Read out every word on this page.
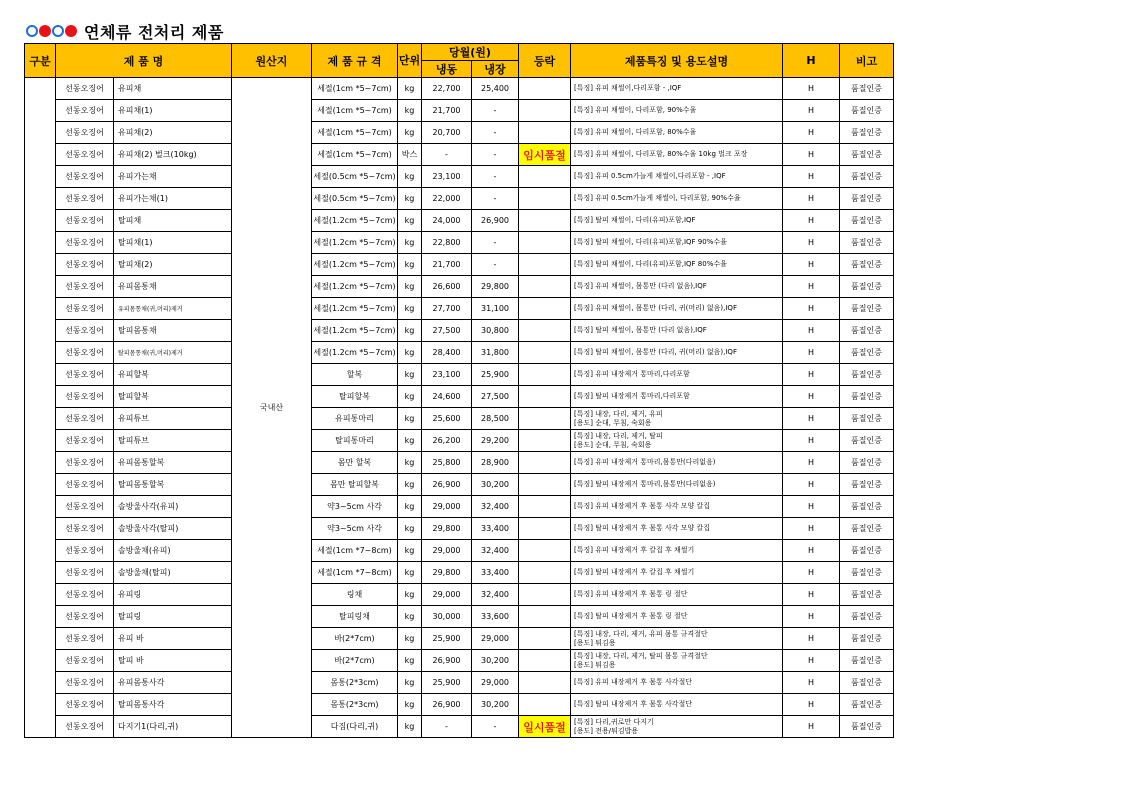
연체류 전처리 제품
구분	제 품 명		원산지	제 품 규 격	단위	당월(원)		등락	제품특징 및 용도설명	H	비고
						냉동	냉장				
	선동오징어	유피채	국내산	세절(1cm *5~7cm)	kg	22,700	25,400		[특징] 유피 채썰이,다리포함 - ,IQF	H	품질인증
	선동오징어	유피채(1)		세절(1cm *5~7cm)	kg	21,700	-		[특징] 유피 채썰이, 다리포함, 90%수율	H	품질인증
	선동오징어	유피채(2)		세절(1cm *5~7cm)	kg	20,700	-		[특징] 유피 채썰이, 다리포함, 80%수율	H	품질인증
	선동오징어	유피채(2) 벌크(10kg)		세절(1cm *5~7cm)	박스	-	-	임시품절	[특징] 유피 채썰이, 다리포함, 80%수율 10kg 벌크 포장	H	품질인증
	선동오징어	유피가는채		세절(0.5cm *5~7cm)	kg	23,100	-		[특징] 유피 0.5cm가늘게 채썰이,다리포함 - ,IQF	H	품질인증
	선동오징어	유피가는채(1)		세절(0.5cm *5~7cm)	kg	22,000	-		[특징] 유피 0.5cm가늘게 채썰이, 다리포함, 90%수율	H	품질인증
	선동오징어	탈피채		세절(1.2cm *5~7cm)	kg	24,000	26,900		[특징] 탈피 채썰이, 다리(유피)포함,IQF	H	품질인증
	선동오징어	탈피채(1)		세절(1.2cm *5~7cm)	kg	22,800	-		[특징] 탈피 채썰이, 다리(유피)포함,IQF 90%수율	H	품질인증
	선동오징어	탈피채(2)		세절(1.2cm *5~7cm)	kg	21,700	-		[특징] 탈피 채썰이, 다리(유피)포함,IQF 80%수율	H	품질인증
	선동오징어	유피몸통채		세절(1.2cm *5~7cm)	kg	26,600	29,800		[특징] 유피 채썰이, 몸통만 (다리 없음),IQF	H	품질인증
	선동오징어	유피몸통채(귀,머리)제거		세절(1.2cm *5~7cm)	kg	27,700	31,100		[특징] 유피 채썰이, 몸통만 (다리, 귀(머리) 없음),IQF	H	품질인증
	선동오징어	탈피몸통채		세절(1.2cm *5~7cm)	kg	27,500	30,800		[특징] 탈피 채썰이, 몸통만 (다리 없음),IQF	H	품질인증
	선동오징어	탈피몸통채(귀,머리)제거		세절(1.2cm *5~7cm)	kg	28,400	31,800		[특징] 탈피 채썰이, 몸통만 (다리, 귀(머리) 없음),IQF	H	품질인증
	선동오징어	유피할복		할복	kg	23,100	25,900		[특징] 유피 내장제거 통마리,다리포함	H	품질인증
	선동오징어	탈피할복		탈피할복	kg	24,600	27,500		[특징] 탈피 내장제거 통마리,다리포함	H	품질인증
	선동오징어	유피튜브		유피통마리	kg	25,600	28,500		[특징] 내장, 다리, 제거, 유피
[용도] 순대, 무침, 숙회용	H	품질인증
	선동오징어	탈피튜브		탈피통마리	kg	26,200	29,200		[특징] 내장, 다리, 제거, 탈피
[용도] 순대, 무침, 숙회용	H	품질인증
	선동오징어	유피몸통할복		몸만 할복	kg	25,800	28,900		[특징] 유피 내장제거 통마리,몸통만(다리없음)	H	품질인증
	선동오징어	탈피몸통할복		몸만 탈피할복	kg	26,900	30,200		[특징] 탈피 내장제거 통마리,몸통만(다리없음)	H	품질인증
	선동오징어	솔방울사각(유피)		약3~5cm 사각	kg	29,000	32,400		[특징] 유피 내장제거 후 몸통 사각 모양 칼집	H	품질인증
	선동오징어	솔방울사각(탈피)		약3~5cm 사각	kg	29,800	33,400		[특징] 탈피 내장제거 후 몸통 사각 모양 칼집	H	품질인증
	선동오징어	솔방울채(유피)		세절(1cm *7~8cm)	kg	29,000	32,400		[특징] 유피 내장제거 후 칼집 후 채썰기	H	품질인증
	선동오징어	솔방울채(탈피)		세절(1cm *7~8cm)	kg	29,800	33,400		[특징] 탈피 내장제거 후 칼집 후 채썰기	H	품질인증
	선동오징어	유피링		링채	kg	29,000	32,400		[특징] 유피 내장제거 후 몸통 링 절단	H	품질인증
	선동오징어	탈피링		탈피링채	kg	30,000	33,600		[특징] 탈피 내장제거 후 몸통 링 절단	H	품질인증
	선동오징어	유피 바		바(2*7cm)	kg	25,900	29,000		[특징] 내장, 다리, 제거, 유피 몸통 규격절단
[용도] 튀김용	H	품질인증
	선동오징어	탈피 바		바(2*7cm)	kg	26,900	30,200		[특징] 내장, 다리, 제거, 탈피 몸통 규격절단
[용도] 튀김용	H	품질인증
	선동오징어	유피몸통사각		몸통(2*3cm)	kg	25,900	29,000		[특징] 유피 내장제거 후 몸통 사각절단	H	품질인증
	선동오징어	탈피몸통사각		몸통(2*3cm)	kg	26,900	30,200		[특징] 탈피 내장제거 후 몸통 사각절단	H	품질인증
	선동오징어	다지기1(다리,귀)		다짐(다리,귀)	kg	-	-	일시품절	[특징] 다리,귀로만 다지기
[용도] 전용/튀김밥용	H	품질인증
